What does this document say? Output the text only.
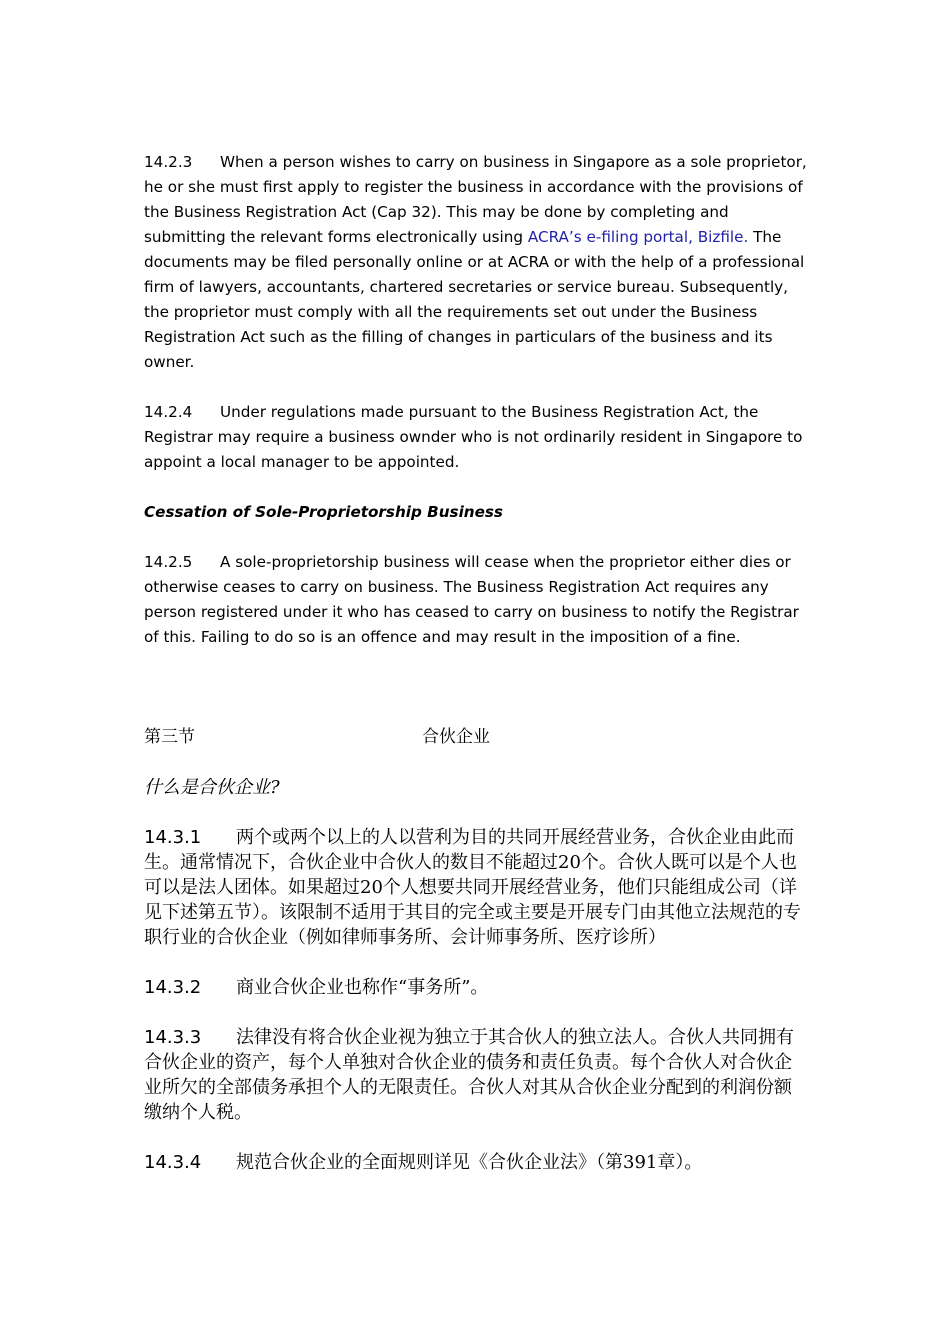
14.2.3 When a person wishes to carry on business in Singapore as a sole proprietor, he or she must first apply to register the business in accordance with the provisions of the Business Registration Act (Cap 32). This may be done by completing and submitting the relevant forms electronically using ACRA’s e-filing portal, Bizfile. The documents may be filed personally online or at ACRA or with the help of a professional firm of lawyers, accountants, chartered secretaries or service bureau. Subsequently, the proprietor must comply with all the requirements set out under the Business Registration Act such as the filling of changes in particulars of the business and its owner.

14.2.4 Under regulations made pursuant to the Business Registration Act, the Registrar may require a business ownder who is not ordinarily resident in Singapore to appoint a local manager to be appointed.

Cessation of Sole-Proprietorship Business

14.2.5 A sole-proprietorship business will cease when the proprietor either dies or otherwise ceases to carry on business. The Business Registration Act requires any person registered under it who has ceased to carry on business to notify the Registrar of this. Failing to do so is an offence and may result in the imposition of a fine.

第三节	合伙企业

什么是合伙企业?

14.3.1 两个或两个以上的人以营利为目的共同开展经营业务，合伙企业由此而生。通常情况下，合伙企业中合伙人的数目不能超过20个。合伙人既可以是个人也可以是法人团体。如果超过20个人想要共同开展经营业务，他们只能组成公司（详见下述第五节）。该限制不适用于其目的完全或主要是开展专门由其他立法规范的专职行业的合伙企业（例如律师事务所、会计师事务所、医疗诊所）

14.3.2 商业合伙企业也称作“事务所”。

14.3.3 法律没有将合伙企业视为独立于其合伙人的独立法人。合伙人共同拥有合伙企业的资产，每个人单独对合伙企业的债务和责任负责。每个合伙人对合伙企业所欠的全部债务承担个人的无限责任。合伙人对其从合伙企业分配到的利润份额缴纳个人税。

14.3.4 规范合伙企业的全面规则详见《合伙企业法》（第391章）。
